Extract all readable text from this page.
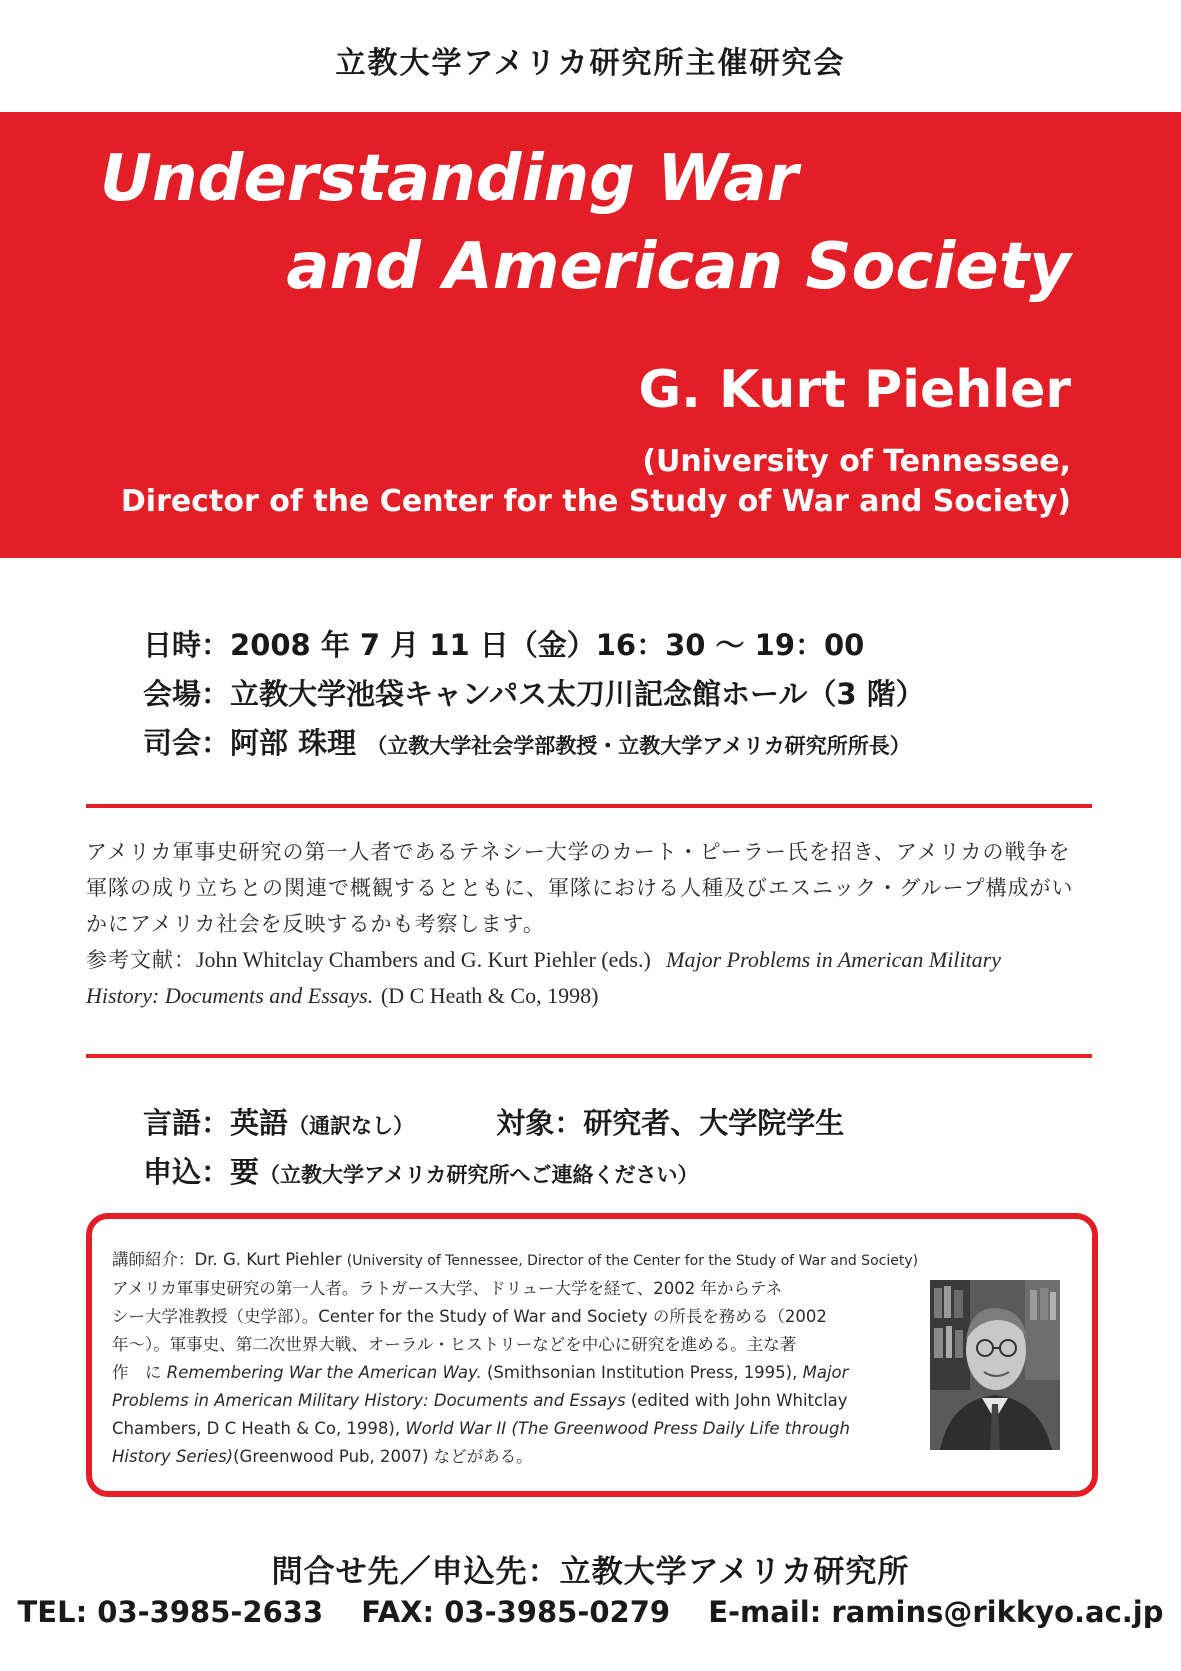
立教大学アメリカ研究所主催研究会
Understanding War
and American Society
G. Kurt Piehler
(University of Tennessee,
Director of the Center for the Study of War and Society)
日時：2008 年 7 月 11 日（金）16：30 ～ 19：00
会場：立教大学池袋キャンパス太刀川記念館ホール（3 階）
司会：阿部 珠理 （立教大学社会学部教授・立教大学アメリカ研究所所長）

アメリカ軍事史研究の第一人者であるテネシー大学のカート・ピーラー氏を招き、アメリカの戦争を

軍隊の成り立ちとの関連で概観するとともに、軍隊における人種及びエスニック・グループ構成がい

かにアメリカ社会を反映するかも考察します。

参考文献：John Whitclay Chambers and G. Kurt Piehler (eds.) Major Problems in American Military

History: Documents and Essays. (D C Heath & Co, 1998)

言語：英語（通訳なし）	対象：研究者、大学院学生
申込：要（立教大学アメリカ研究所へご連絡ください）

講師紹介：Dr. G. Kurt Piehler (University of Tennessee, Director of the Center for the Study of War and Society)

アメリカ軍事史研究の第一人者。ラトガース大学、ドリュー大学を経て、2002 年からテネ

シー大学准教授（史学部）。Center for the Study of War and Society の所長を務める（2002

年～）。軍事史、第二次世界大戦、オーラル・ヒストリーなどを中心に研究を進める。主な著

作　に Remembering War the American Way. (Smithsonian Institution Press, 1995), Major

Problems in American Military History: Documents and Essays (edited with John Whitclay

Chambers, D C Heath & Co, 1998), World War II (The Greenwood Press Daily Life through

History Series)(Greenwood Pub, 2007) などがある。

問合せ先／申込先：立教大学アメリカ研究所
TEL: 03-3985-2633 FAX: 03-3985-0279 E-mail: ramins@rikkyo.ac.jp
